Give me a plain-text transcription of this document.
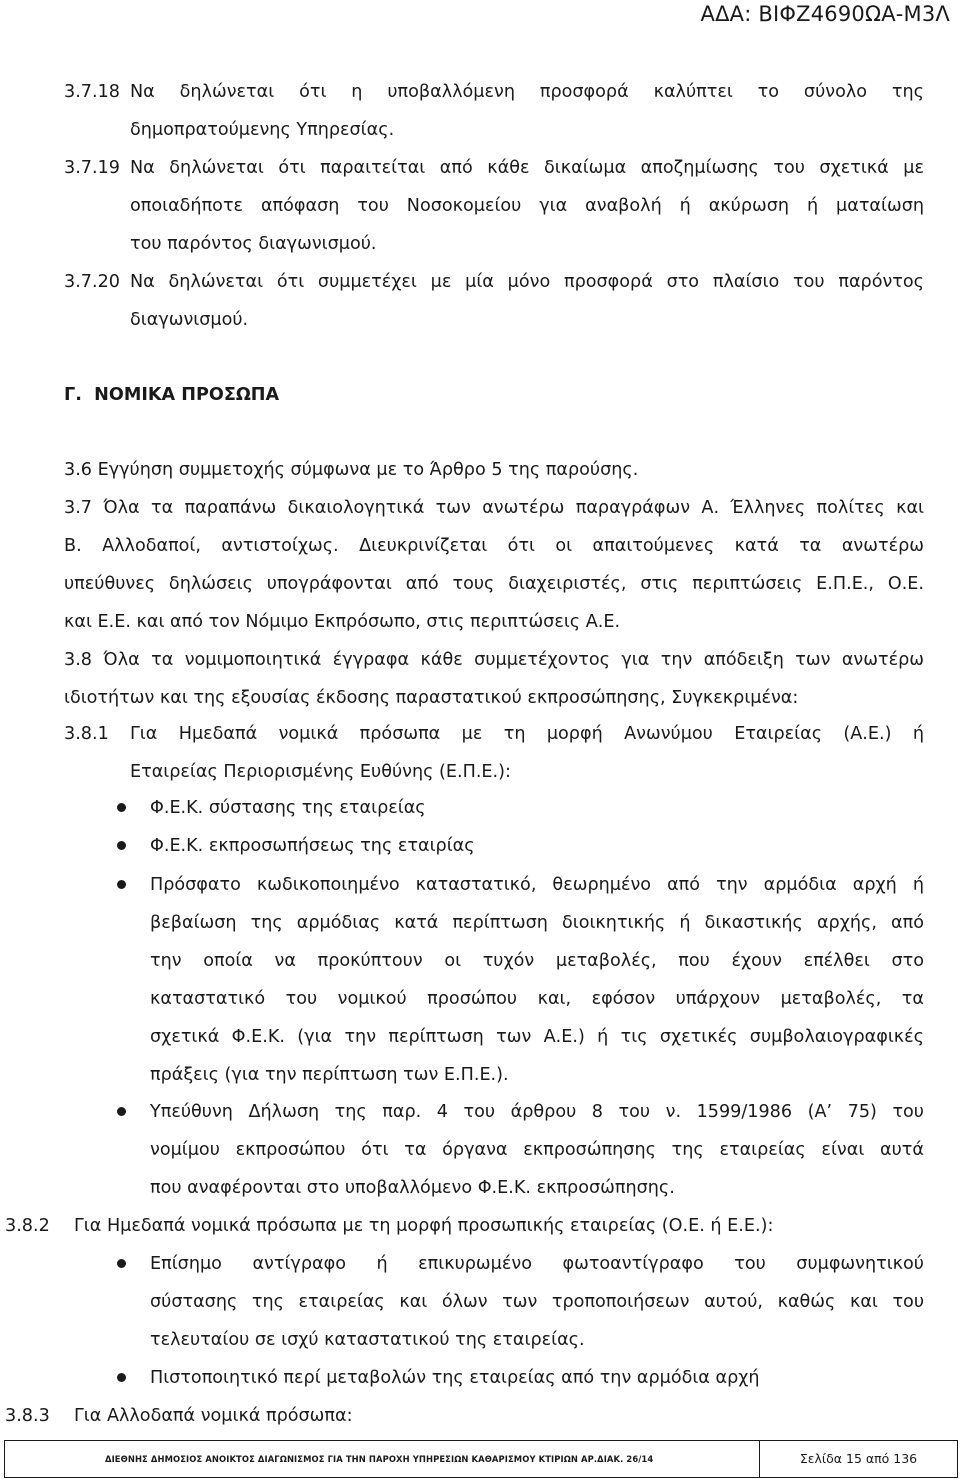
ΑΔΑ: ΒΙΦΖ4690ΩΑ-Μ3Λ
3.7.18 Να δηλώνεται ότι η υποβαλλόμενη προσφορά καλύπτει το σύνολο της
δημοπρατούμενης Υπηρεσίας.
3.7.19 Να δηλώνεται ότι παραιτείται από κάθε δικαίωμα αποζημίωσης του σχετικά με
οποιαδήποτε απόφαση του Νοσοκομείου για αναβολή ή ακύρωση ή ματαίωση
του παρόντος διαγωνισμού.
3.7.20 Να δηλώνεται ότι συμμετέχει με μία μόνο προσφορά στο πλαίσιο του παρόντος
διαγωνισμού.
Γ.  ΝΟΜΙΚΑ ΠΡΟΣΩΠΑ
3.6 Εγγύηση συμμετοχής σύμφωνα με το Άρθρο 5 της παρούσης.
3.7 Όλα τα παραπάνω δικαιολογητικά των ανωτέρω παραγράφων Α. Έλληνες πολίτες και
Β. Αλλοδαποί, αντιστοίχως. Διευκρινίζεται ότι οι απαιτούμενες κατά τα ανωτέρω
υπεύθυνες δηλώσεις υπογράφονται από τους διαχειριστές, στις περιπτώσεις Ε.Π.Ε., Ο.Ε.
και Ε.Ε. και από τον Νόμιμο Εκπρόσωπο, στις περιπτώσεις Α.Ε.
3.8 Όλα τα νομιμοποιητικά έγγραφα κάθε συμμετέχοντος για την απόδειξη των ανωτέρω
ιδιοτήτων και της εξουσίας έκδοσης παραστατικού εκπροσώπησης, Συγκεκριμένα:
3.8.1	Για Ημεδαπά νομικά πρόσωπα με τη μορφή Ανωνύμου Εταιρείας (Α.Ε.) ή
Εταιρείας Περιορισμένης Ευθύνης (Ε.Π.Ε.):
Φ.Ε.Κ. σύστασης της εταιρείας
Φ.Ε.Κ. εκπροσωπήσεως της εταιρίας
Πρόσφατο κωδικοποιημένο καταστατικό, θεωρημένο από την αρμόδια αρχή ή
βεβαίωση της αρμόδιας κατά περίπτωση διοικητικής ή δικαστικής αρχής, από
την οποία να προκύπτουν οι τυχόν μεταβολές, που έχουν επέλθει στο
καταστατικό του νομικού προσώπου και, εφόσον υπάρχουν μεταβολές, τα
σχετικά Φ.Ε.Κ. (για την περίπτωση των Α.Ε.) ή τις σχετικές συμβολαιογραφικές
πράξεις (για την περίπτωση των Ε.Π.Ε.).
Υπεύθυνη Δήλωση της παρ. 4 του άρθρου 8 του ν. 1599/1986 (Α’ 75) του
νομίμου εκπροσώπου ότι τα όργανα εκπροσώπησης της εταιρείας είναι αυτά
που αναφέρονται στο υποβαλλόμενο Φ.Ε.Κ. εκπροσώπησης.
3.8.2	Για Ημεδαπά νομικά πρόσωπα με τη μορφή προσωπικής εταιρείας (Ο.Ε. ή Ε.Ε.):
Επίσημο αντίγραφο ή επικυρωμένο φωτοαντίγραφο του συμφωνητικού
σύστασης της εταιρείας και όλων των τροποποιήσεων αυτού, καθώς και του
τελευταίου σε ισχύ καταστατικού της εταιρείας.
Πιστοποιητικό περί μεταβολών της εταιρείας από την αρμόδια αρχή
3.8.3	Για Αλλοδαπά νομικά πρόσωπα:
ΔΙΕΘΝΗΣ ΔΗΜΟΣΙΟΣ ΑΝΟΙΚΤΟΣ ΔΙΑΓΩΝΙΣΜΟΣ ΓΙΑ ΤΗΝ ΠΑΡΟΧΗ ΥΠΗΡΕΣΙΩΝ ΚΑΘΑΡΙΣΜΟΥ ΚΤΙΡΙΩΝ ΑΡ.ΔΙΑΚ. 26/14	Σελίδα 15 από 136
